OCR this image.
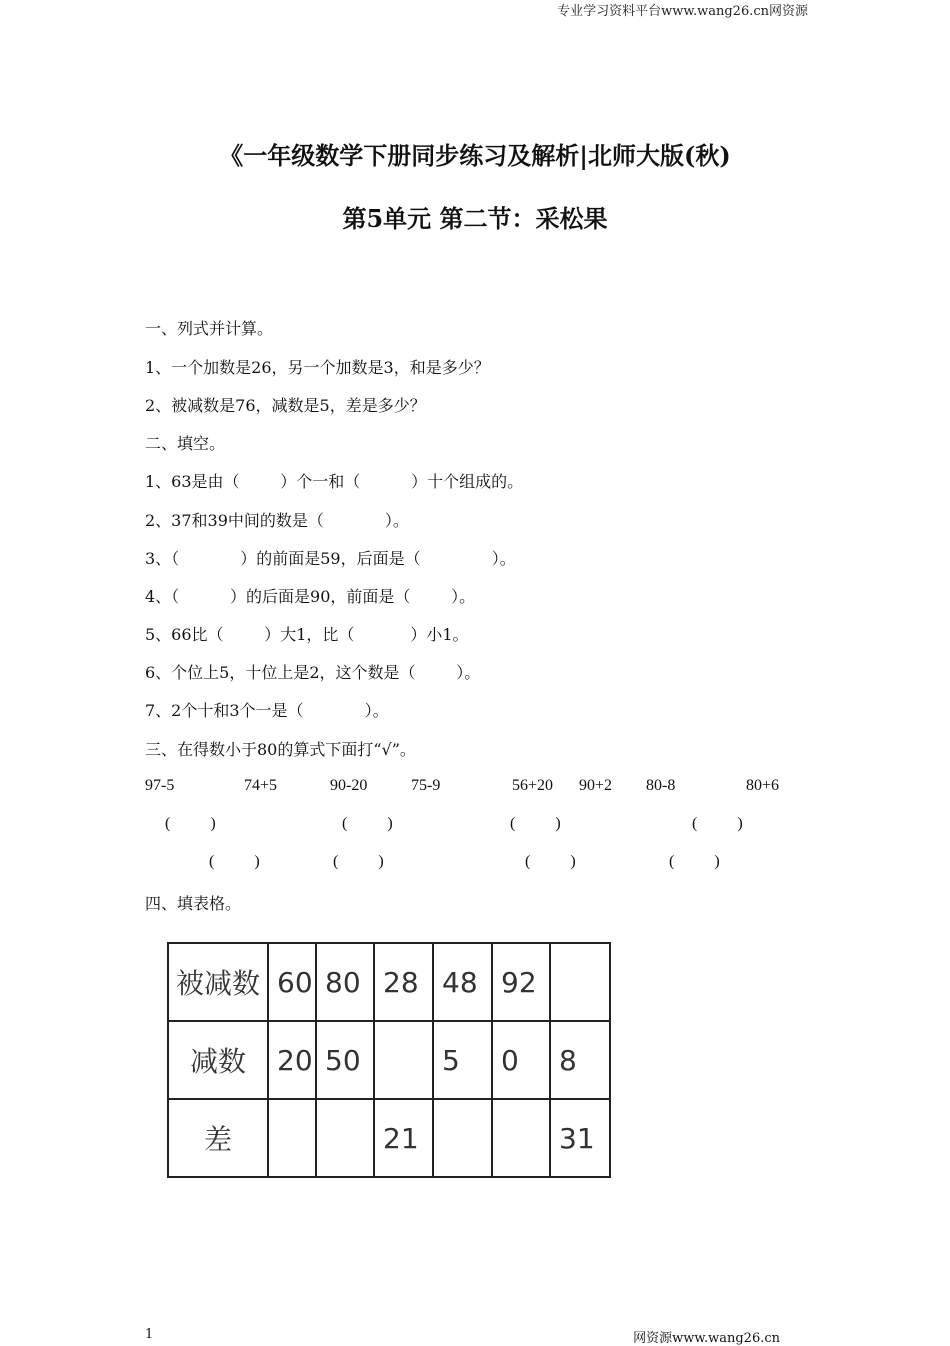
专业学习资料平台www.wang26.cn网资源
《一年级数学下册同步练习及解析|北师大版(秋)
第5单元 第二节：采松果
一、列式并计算。
1、一个加数是26，另一个加数是3，和是多少？
2、被减数是76，减数是5，差是多少？
二、填空。
1、63是由（        ）个一和（          ）十个组成的。
2、37和39中间的数是（            ）。
3、（            ）的前面是59，后面是（              ）。
4、（          ）的后面是90，前面是（        ）。
5、66比（        ）大1，比（           ）小1。
6、个位上5，十位上是2，这个数是（        ）。
7、2个十和3个一是（            ）。
三、在得数小于80的算式下面打“√”。
97-5	74+5	90-20	75-9	56+20 90+2 80-8	80+6
(          )	(          )	(          )	(          )
(          )	(          )	(          )	(          )
四、填表格。
被减数	60	80	28	48	92	
减数	20	50		5	0	8
差			21			31
1	网资源www.wang26.cn
